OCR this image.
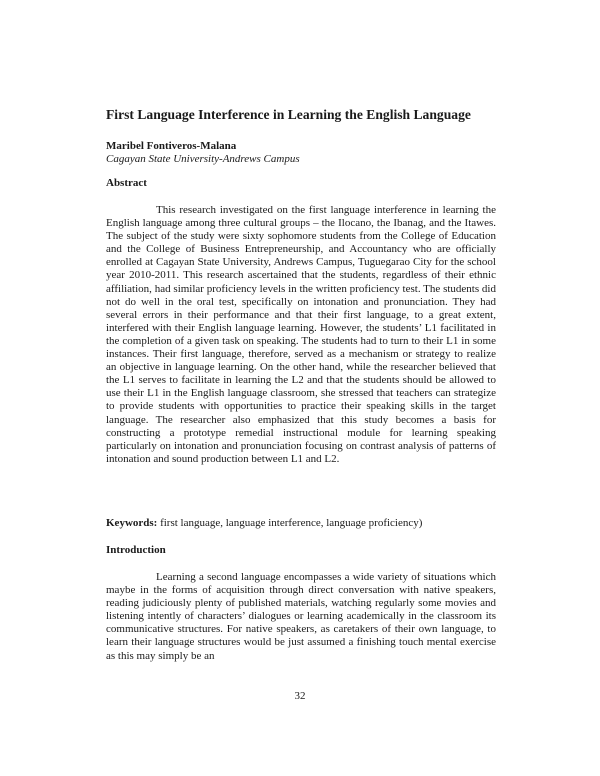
First Language Interference in Learning the English Language
Maribel Fontiveros-Malana
Cagayan State University-Andrews Campus
Abstract

This research investigated on the first language interference in learning the English language among three cultural groups – the Ilocano, the Ibanag, and the Itawes. The subject of the study were sixty sophomore students from the College of Education and the College of Business Entrepreneurship, and Accountancy who are officially enrolled at Cagayan State University, Andrews Campus, Tuguegarao City for the school year 2010-2011. This research ascertained that the students, regardless of their ethnic affiliation, had similar proficiency levels in the written proficiency test. The students did not do well in the oral test, specifically on intonation and pronunciation. They had several errors in their performance and that their first language, to a great extent, interfered with their English language learning. However, the students’ L1 facilitated in the completion of a given task on speaking. The students had to turn to their L1 in some instances. Their first language, therefore, served as a mechanism or strategy to realize an objective in language learning. On the other hand, while the researcher believed that the L1 serves to facilitate in learning the L2 and that the students should be allowed to use their L1 in the English language classroom, she stressed that teachers can strategize to provide students with opportunities to practice their speaking skills in the target language. The researcher also emphasized that this study becomes a basis for constructing a prototype remedial instructional module for learning speaking particularly on intonation and pronunciation focusing on contrast analysis of patterns of intonation and sound production between L1 and L2.

Keywords: first language, language interference, language proficiency)
Introduction

Learning a second language encompasses a wide variety of situations which maybe in the forms of acquisition through direct conversation with native speakers, reading judiciously plenty of published materials, watching regularly some movies and listening intently of characters’ dialogues or learning academically in the classroom its communicative structures. For native speakers, as caretakers of their own language, to learn their language structures would be just assumed a finishing touch mental exercise as this may simply be an

32
